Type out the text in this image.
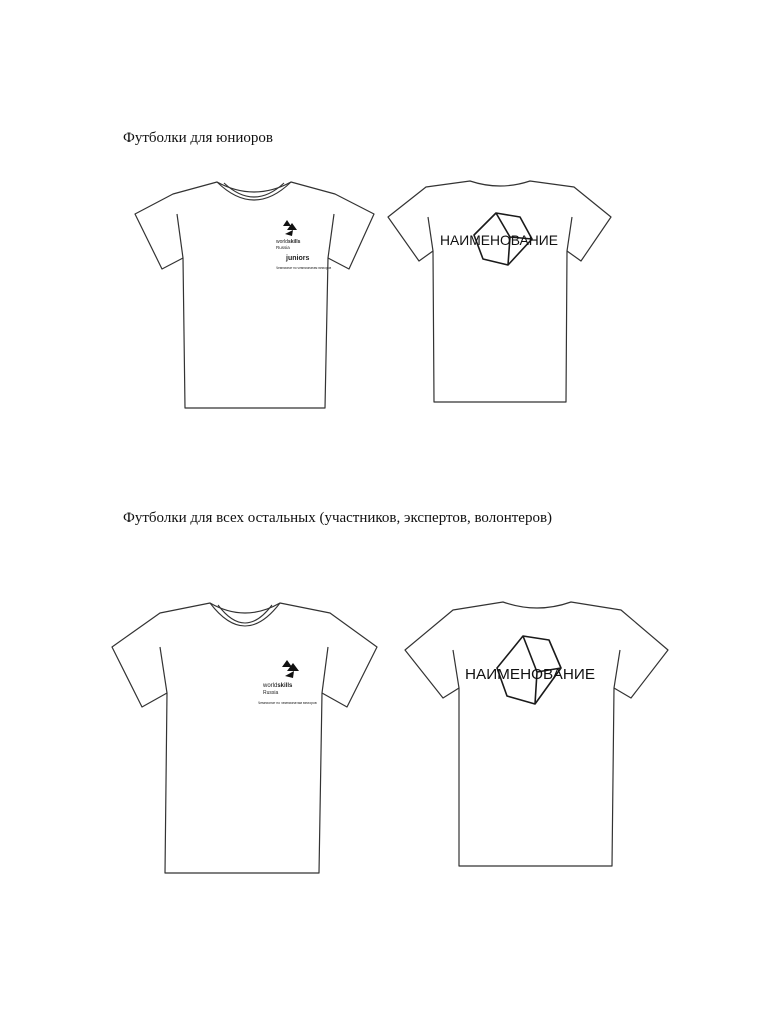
Футболки для юниоров
Футболки для всех остальных (участников, экспертов, волонтеров)
worldskills
Russia
juniors
Чемпионат по чемпионатам юниоров
НАИМЕНОВАНИЕ
worldskills
Russia
Чемпионат по чемпионатам юниоров
НАИМЕНОВАНИЕ
